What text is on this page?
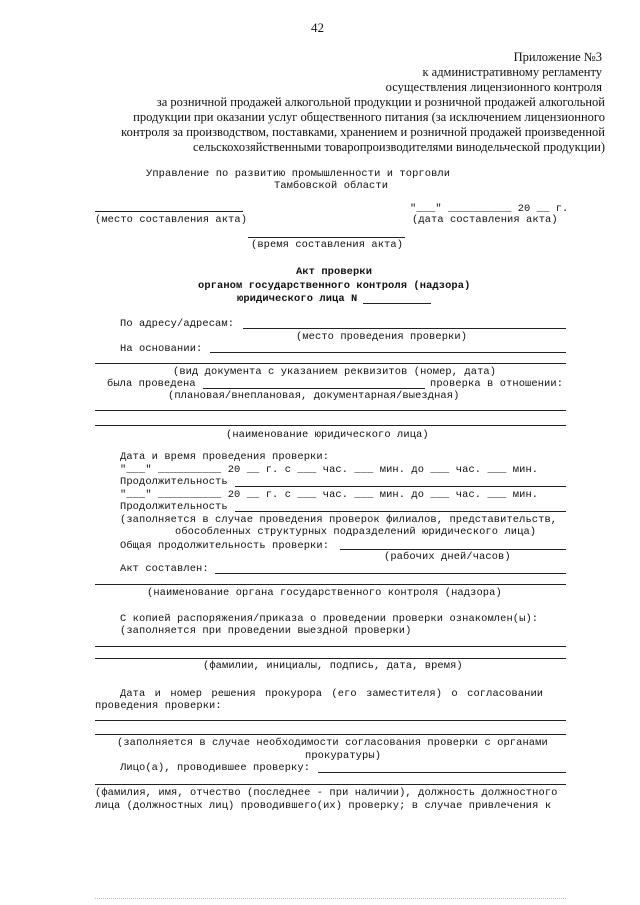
42
Приложение №3
к административному регламенту
осуществления лицензионного контроля
за розничной продажей алкогольной продукции и розничной продажей алкогольной
продукции при оказании услуг общественного питания (за исключением лицензионного
контроля за производством, поставками, хранением и розничной продажей произведенной
сельскохозяйственными товаропроизводителями винодельческой продукции)
Управление по развитию промышленности и торговли
Тамбовской области
"___" __________ 20 __ г.
(место составления акта)	(дата составления акта)
(время составления акта)
Акт проверки
органом государственного контроля (надзора)
юридического лица N
По адресу/адресам:
(место проведения проверки)
На основании:
(вид документа с указанием реквизитов (номер, дата)
была проведена	проверка в отношении:
(плановая/внеплановая, документарная/выездная)
(наименование юридического лица)
Дата и время проведения проверки:
"___" __________ 20 __ г. с ___ час. ___ мин. до ___ час. ___ мин.
Продолжительность
"___" __________ 20 __ г. с ___ час. ___ мин. до ___ час. ___ мин.
Продолжительность
(заполняется в случае проведения проверок филиалов, представительств,
обособленных структурных подразделений юридического лица)
Общая продолжительность проверки:
(рабочих дней/часов)
Акт составлен:
(наименование органа государственного контроля (надзора)
С копией распоряжения/приказа о проведении проверки ознакомлен(ы):
(заполняется при проведении выездной проверки)
(фамилии, инициалы, подпись, дата, время)
Дата и номер решения прокурора (его заместителя) о согласовании
проведения проверки:
(заполняется в случае необходимости согласования проверки с органами
прокуратуры)
Лицо(а), проводившее проверку:
(фамилия, имя, отчество (последнее - при наличии), должность должностного
лица (должностных лиц) проводившего(их) проверку; в случае привлечения к
